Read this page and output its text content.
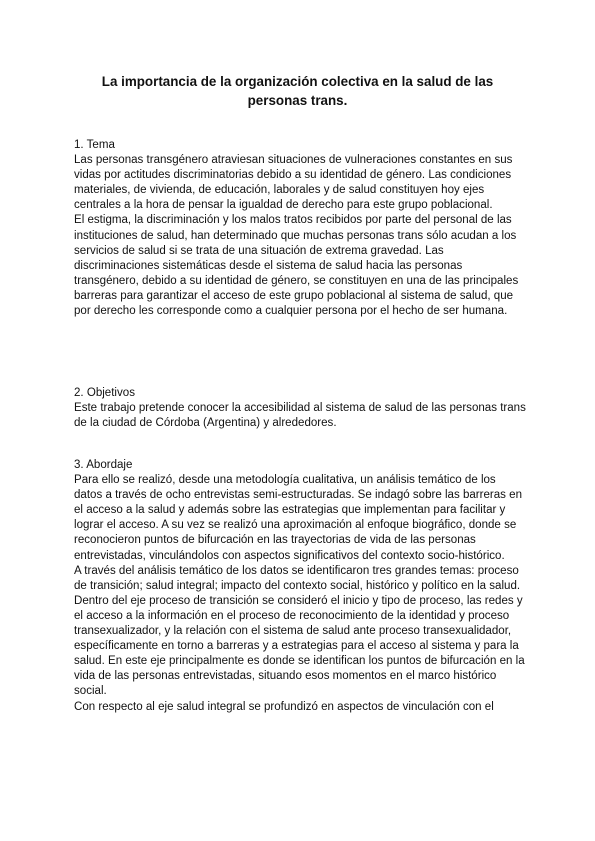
La importancia de la organización colectiva en la salud de las personas trans.

1. Tema

Las personas transgénero atraviesan situaciones de vulneraciones constantes en sus vidas por actitudes discriminatorias debido a su identidad de género. Las condiciones materiales, de vivienda, de educación, laborales y de salud constituyen hoy ejes centrales a la hora de pensar la igualdad de derecho para este grupo poblacional.

El estigma, la discriminación y los malos tratos recibidos por parte del personal de las instituciones de salud, han determinado que muchas personas trans sólo acudan a los servicios de salud si se trata de una situación de extrema gravedad. Las discriminaciones sistemáticas desde el sistema de salud hacia las personas transgénero, debido a su identidad de género, se constituyen en una de las principales barreras para garantizar el acceso de este grupo poblacional al sistema de salud, que por derecho les corresponde como a cualquier persona por el hecho de ser humana.

2. Objetivos

Este trabajo pretende conocer la accesibilidad al sistema de salud de las personas trans de la ciudad de Córdoba (Argentina) y alrededores.

3. Abordaje

Para ello se realizó, desde una metodología cualitativa, un análisis temático de los datos a través de ocho entrevistas semi-estructuradas. Se indagó sobre las barreras en el acceso a la salud y además sobre las estrategias que implementan para facilitar y lograr el acceso. A su vez se realizó una aproximación al enfoque biográfico, donde se reconocieron puntos de bifurcación en las trayectorias de vida de las personas entrevistadas, vinculándolos con aspectos significativos del contexto socio-histórico.

A través del análisis temático de los datos se identificaron tres grandes temas: proceso de transición; salud integral; impacto del contexto social, histórico y político en la salud.

Dentro del eje proceso de transición se consideró el inicio y tipo de proceso, las redes y el acceso a la información en el proceso de reconocimiento de la identidad y proceso transexualizador, y la relación con el sistema de salud ante proceso transexualidador, específicamente en torno a barreras y a estrategias para el acceso al sistema y para la salud. En este eje principalmente es donde se identifican los puntos de bifurcación en la vida de las personas entrevistadas, situando esos momentos en el marco histórico social.

Con respecto al eje salud integral se profundizó en aspectos de vinculación con el
